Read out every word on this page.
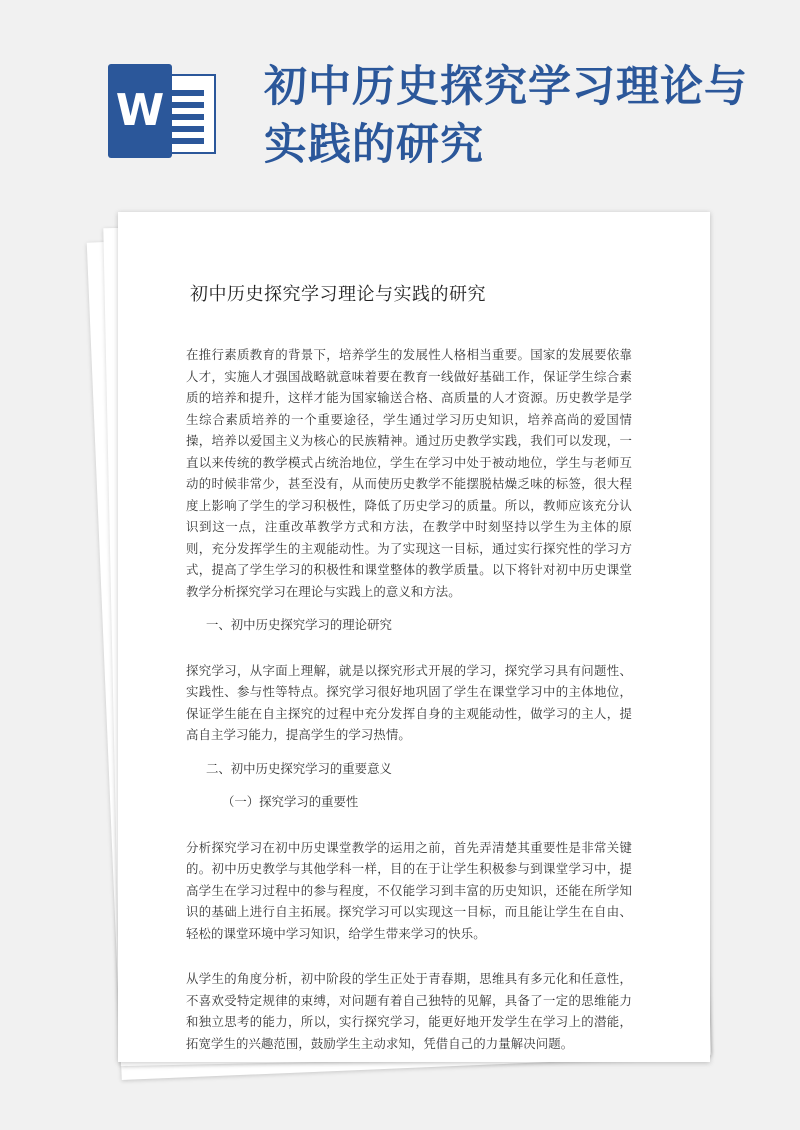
W 初中历史探究学习理论与实践的研究
初中历史探究学习理论与实践的研究

在推行素质教育的背景下，培养学生的发展性人格相当重要。国家的发展要依靠人才，实施人才强国战略就意味着要在教育一线做好基础工作，保证学生综合素质的培养和提升，这样才能为国家输送合格、高质量的人才资源。历史教学是学生综合素质培养的一个重要途径，学生通过学习历史知识，培养高尚的爱国情操，培养以爱国主义为核心的民族精神。通过历史教学实践，我们可以发现，一直以来传统的教学模式占统治地位，学生在学习中处于被动地位，学生与老师互动的时候非常少，甚至没有，从而使历史教学不能摆脱枯燥乏味的标签，很大程度上影响了学生的学习积极性，降低了历史学习的质量。所以，教师应该充分认识到这一点，注重改革教学方式和方法，在教学中时刻坚持以学生为主体的原则，充分发挥学生的主观能动性。为了实现这一目标，通过实行探究性的学习方式，提高了学生学习的积极性和课堂整体的教学质量。以下将针对初中历史课堂教学分析探究学习在理论与实践上的意义和方法。

一、初中历史探究学习的理论研究

探究学习，从字面上理解，就是以探究形式开展的学习，探究学习具有问题性、实践性、参与性等特点。探究学习很好地巩固了学生在课堂学习中的主体地位，保证学生能在自主探究的过程中充分发挥自身的主观能动性，做学习的主人，提高自主学习能力，提高学生的学习热情。

二、初中历史探究学习的重要意义

（一）探究学习的重要性

分析探究学习在初中历史课堂教学的运用之前，首先弄清楚其重要性是非常关键的。初中历史教学与其他学科一样，目的在于让学生积极参与到课堂学习中，提高学生在学习过程中的参与程度，不仅能学习到丰富的历史知识，还能在所学知识的基础上进行自主拓展。探究学习可以实现这一目标，而且能让学生在自由、轻松的课堂环境中学习知识，给学生带来学习的快乐。

从学生的角度分析，初中阶段的学生正处于青春期，思维具有多元化和任意性，不喜欢受特定规律的束缚，对问题有着自己独特的见解，具备了一定的思维能力和独立思考的能力，所以，实行探究学习，能更好地开发学生在学习上的潜能，拓宽学生的兴趣范围，鼓励学生主动求知，凭借自己的力量解决问题。
